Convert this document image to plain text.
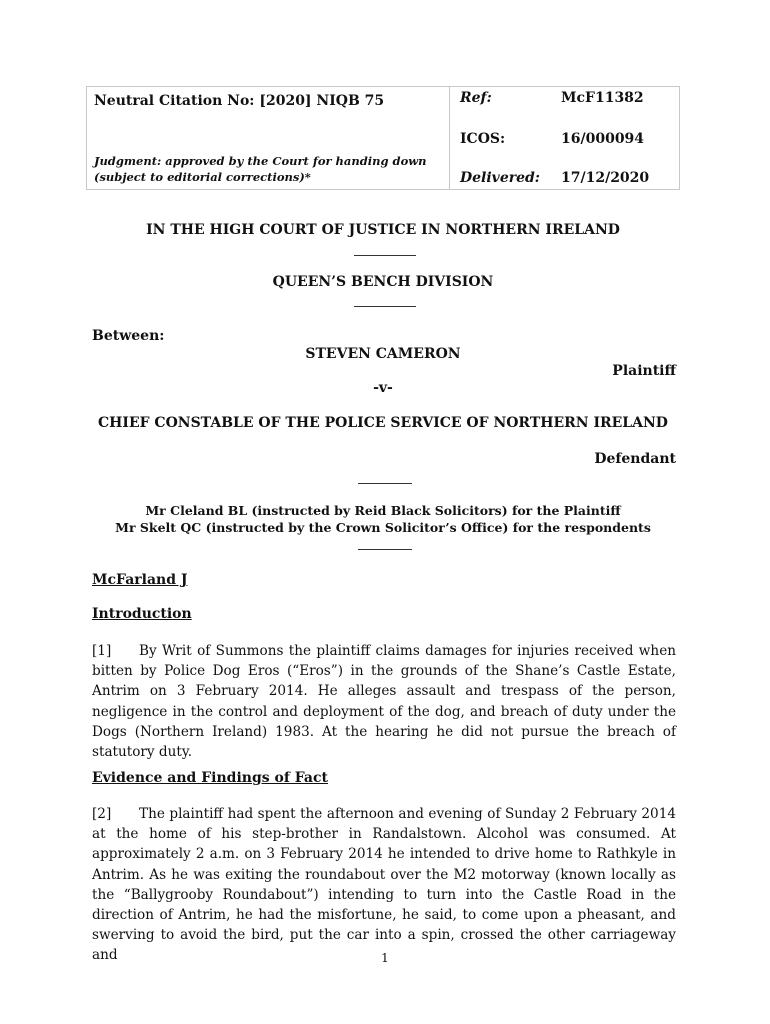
Neutral Citation No: [2020] NIQB 75
Judgment: approved by the Court for handing down (subject to editorial corrections)*
Ref:	McF11382
ICOS:	16/000094
Delivered: 17/12/2020
IN THE HIGH COURT OF JUSTICE IN NORTHERN IRELAND
QUEEN’S BENCH DIVISION
Between:
STEVEN CAMERON
Plaintiff
-v-
CHIEF CONSTABLE OF THE POLICE SERVICE OF NORTHERN IRELAND
Defendant
Mr Cleland BL (instructed by Reid Black Solicitors) for the Plaintiff
Mr Skelt QC (instructed by the Crown Solicitor’s Office) for the respondents
McFarland J
Introduction
[1] By Writ of Summons the plaintiff claims damages for injuries received when bitten by Police Dog Eros (“Eros”) in the grounds of the Shane’s Castle Estate, Antrim on 3 February 2014. He alleges assault and trespass of the person, negligence in the control and deployment of the dog, and breach of duty under the Dogs (Northern Ireland) 1983. At the hearing he did not pursue the breach of statutory duty.
Evidence and Findings of Fact
[2] The plaintiff had spent the afternoon and evening of Sunday 2 February 2014 at the home of his step-brother in Randalstown. Alcohol was consumed. At approximately 2 a.m. on 3 February 2014 he intended to drive home to Rathkyle in Antrim. As he was exiting the roundabout over the M2 motorway (known locally as the “Ballygrooby Roundabout”) intending to turn into the Castle Road in the direction of Antrim, he had the misfortune, he said, to come upon a pheasant, and swerving to avoid the bird, put the car into a spin, crossed the other carriageway and	1
